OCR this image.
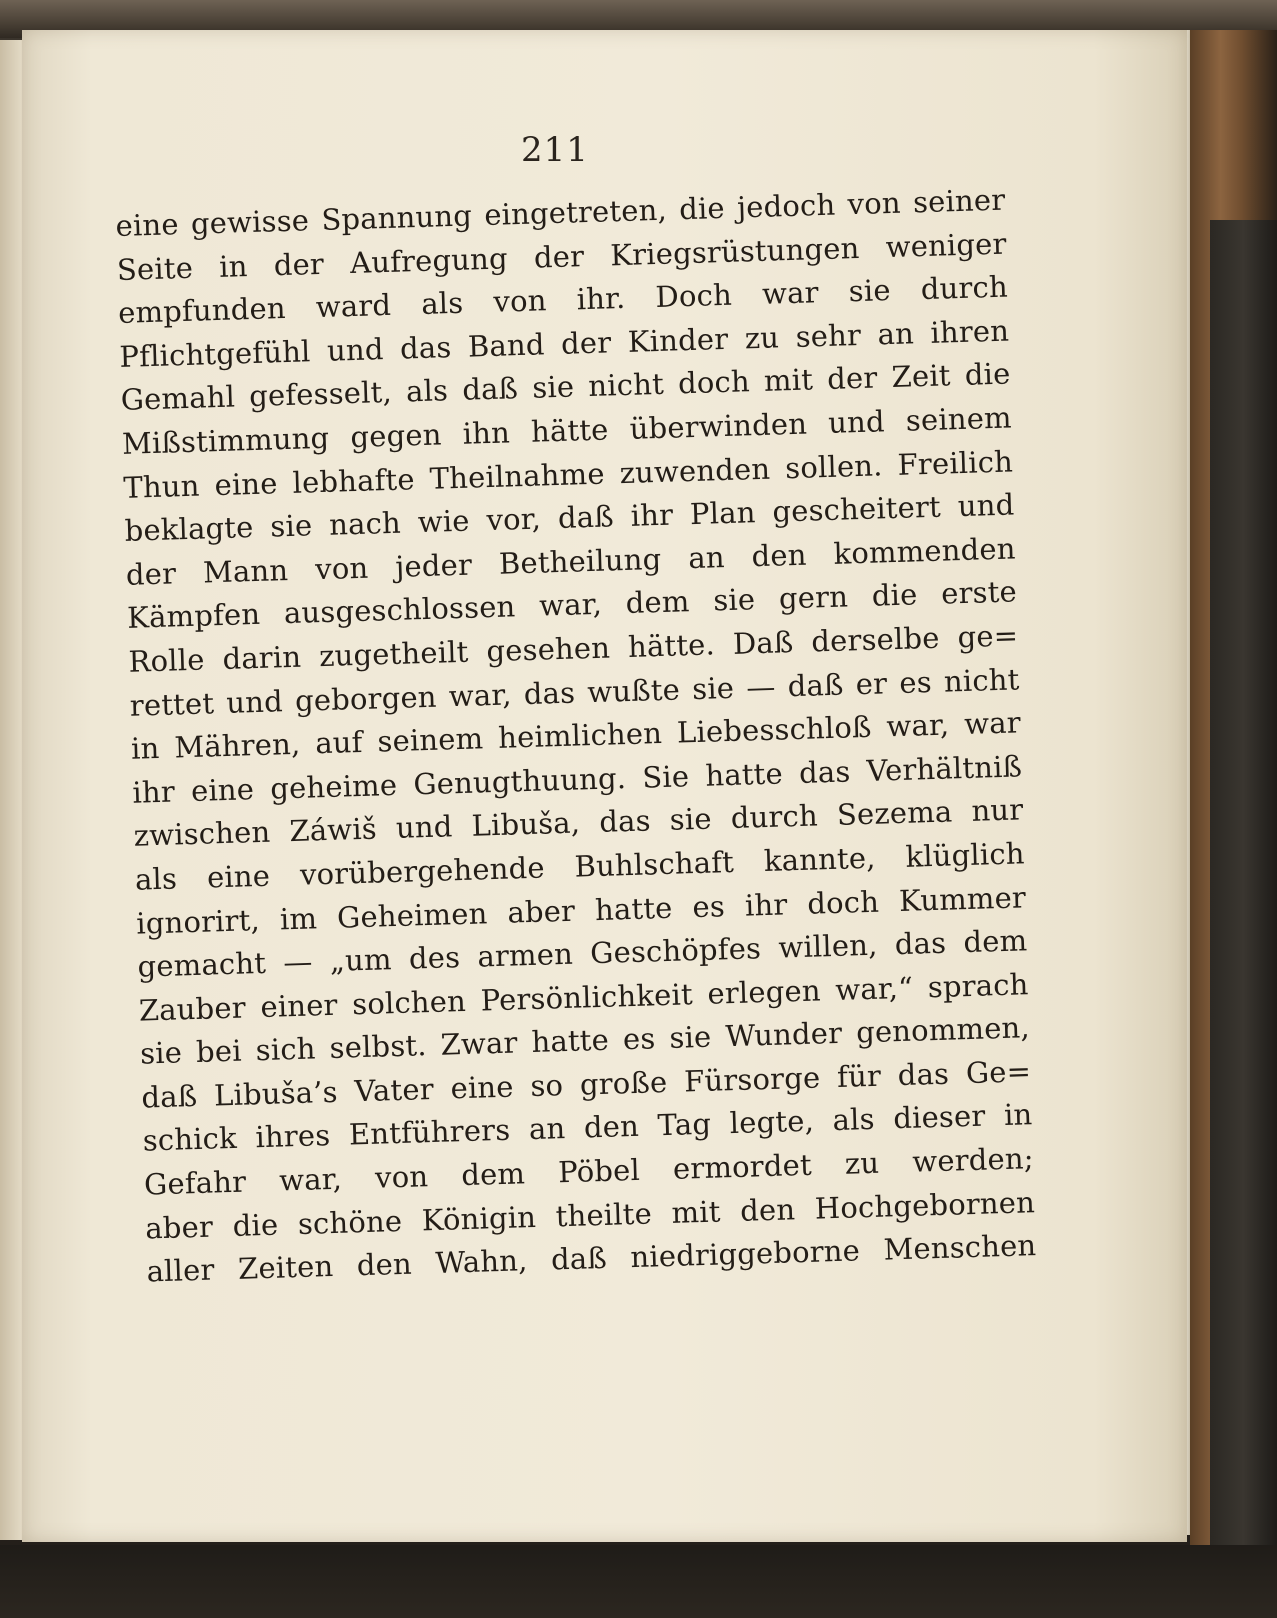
211
eine gewisse Spannung eingetreten, die jedoch von seiner
Seite in der Aufregung der Kriegsrüstungen weniger
empfunden ward als von ihr. Doch war sie durch
Pflichtgefühl und das Band der Kinder zu sehr an ihren
Gemahl gefesselt, als daß sie nicht doch mit der Zeit die
Mißstimmung gegen ihn hätte überwinden und seinem
Thun eine lebhafte Theilnahme zuwenden sollen. Freilich
beklagte sie nach wie vor, daß ihr Plan gescheitert und
der Mann von jeder Betheilung an den kommenden
Kämpfen ausgeschlossen war, dem sie gern die erste
Rolle darin zugetheilt gesehen hätte. Daß derselbe ge=
rettet und geborgen war, das wußte sie — daß er es nicht
in Mähren, auf seinem heimlichen Liebesschloß war, war
ihr eine geheime Genugthuung. Sie hatte das Verhältniß
zwischen Záwiš und Libuša, das sie durch Sezema nur
als eine vorübergehende Buhlschaft kannte, klüglich
ignorirt, im Geheimen aber hatte es ihr doch Kummer
gemacht — „um des armen Geschöpfes willen, das dem
Zauber einer solchen Persönlichkeit erlegen war,“ sprach
sie bei sich selbst. Zwar hatte es sie Wunder genommen,
daß Libuša’s Vater eine so große Fürsorge für das Ge=
schick ihres Entführers an den Tag legte, als dieser in
Gefahr war, von dem Pöbel ermordet zu werden;
aber die schöne Königin theilte mit den Hochgebornen
aller Zeiten den Wahn, daß niedriggeborne Menschen
